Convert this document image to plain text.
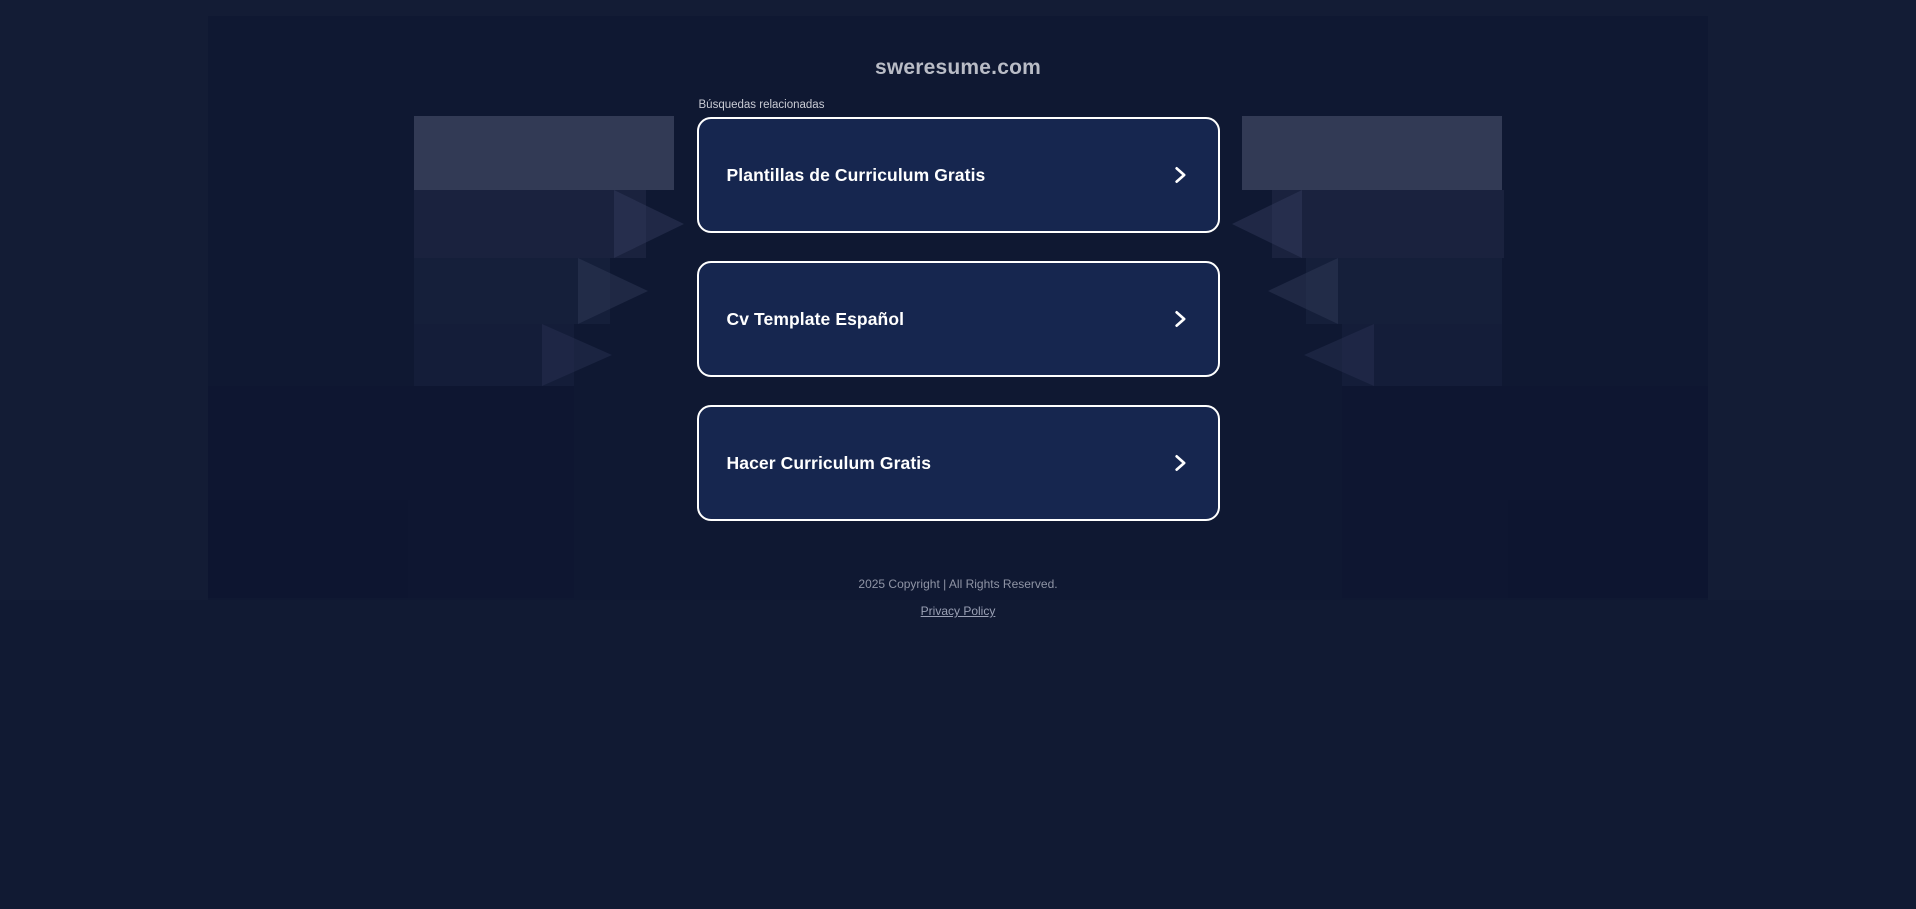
sweresume.com
Búsquedas relacionadas
Plantillas de Curriculum Gratis
Cv Template Español
Hacer Curriculum Gratis
2025 Copyright | All Rights Reserved.
Privacy Policy
